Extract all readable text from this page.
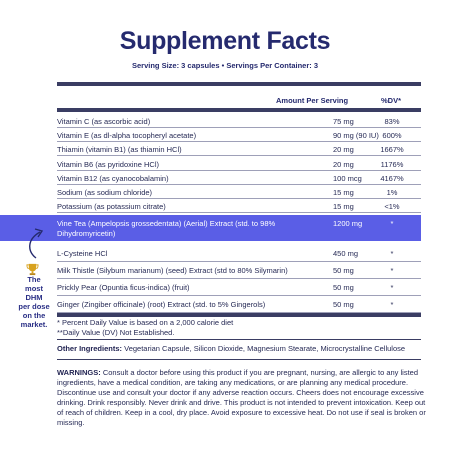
Supplement Facts
Serving Size: 3 capsules • Servings Per Container: 3
Amount Per Serving	%DV*
Vitamin C (as ascorbic acid)	75 mg	83%
Vitamin E (as dl-alpha tocopheryl acetate)	90 mg (90 IU) 600%
Thiamin (vitamin B1) (as thiamin HCl)	20 mg	1667%
Vitamin B6 (as pyridoxine HCl)	20 mg	1176%
Vitamin B12 (as cyanocobalamin)	100 mcg	4167%
Sodium (as sodium chloride)	15 mg	1%
Potassium (as potassium citrate)	15 mg	<1%
Vine Tea (Ampelopsis grossedentata) (Aerial) Extract (std. to 98% Dihydromyricetin)
1200 mg	*
L-Cysteine HCl	450 mg	*
Milk Thistle (Silybum marianum) (seed) Extract (std to 80% Silymarin)	50 mg	*
Prickly Pear (Opuntia ficus-indica) (fruit)	50 mg	*
Ginger (Zingiber officinale) (root) Extract (std. to 5% Gingerols)	50 mg	*
The
most
DHM
per dose
on the
market.	* Percent Daily Value is based on a 2,000 calorie diet
**Daily Value (DV) Not Established.
Other Ingredients: Vegetarian Capsule, Silicon Dioxide, Magnesium Stearate, Microcrystalline Cellulose
WARNINGS: Consult a doctor before using this product if you are pregnant, nursing, are allergic to any listed ingredients, have a medical condition, are taking any medications, or are planning any medical procedure. Discontinue use and consult your doctor if any adverse reaction occurs. Cheers does not encourage excessive drinking. Drink responsibly. Never drink and drive. This product is not intended to prevent intoxication. Keep out of reach of children. Keep in a cool, dry place. Avoid exposure to excessive heat. Do not use if seal is broken or missing.
